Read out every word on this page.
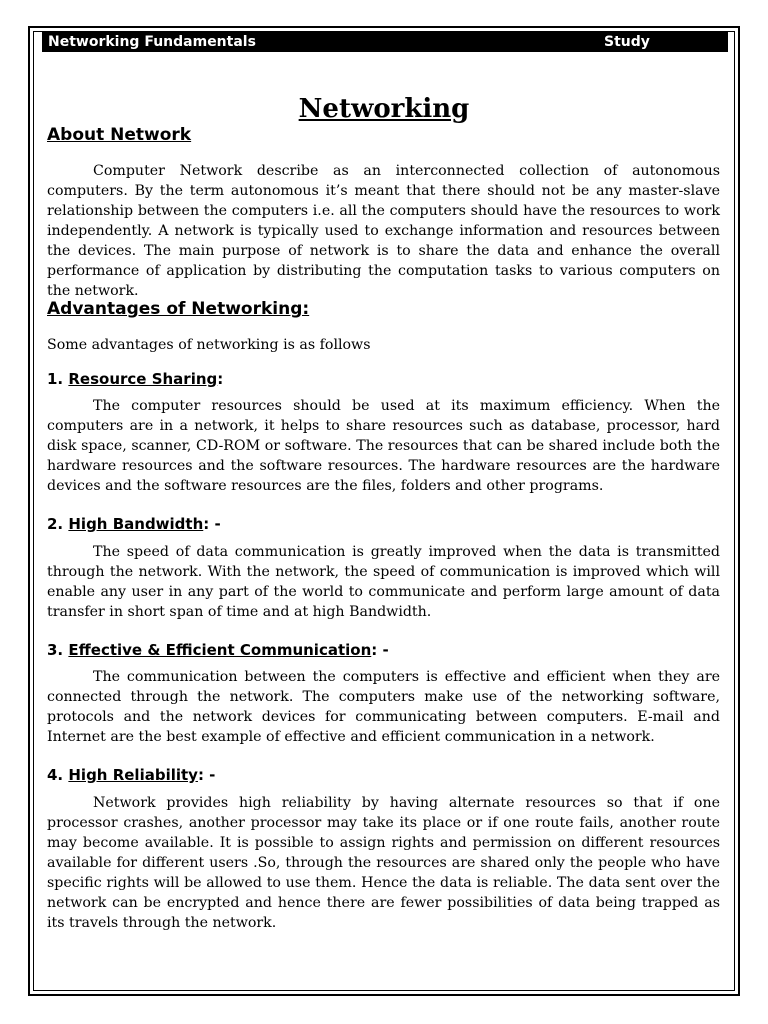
Networking Fundamentals	Study
Networking
About Network

Computer Network describe as an interconnected collection of autonomous computers. By the term autonomous it’s meant that there should not be any master-slave relationship between the computers i.e. all the computers should have the resources to work independently. A network is typically used to exchange information and resources between the devices. The main purpose of network is to share the data and enhance the overall performance of application by distributing the computation tasks to various computers on the network.

Advantages of Networking:

Some advantages of networking is as follows

1. Resource Sharing:

The computer resources should be used at its maximum efficiency. When the computers are in a network, it helps to share resources such as database, processor, hard disk space, scanner, CD-ROM or software. The resources that can be shared include both the hardware resources and the software resources. The hardware resources are the hardware devices and the software resources are the files, folders and other programs.

2. High Bandwidth: -

The speed of data communication is greatly improved when the data is transmitted through the network. With the network, the speed of communication is improved which will enable any user in any part of the world to communicate and perform large amount of data transfer in short span of time and at high Bandwidth.

3. Effective & Efficient Communication: -

The communication between the computers is effective and efficient when they are connected through the network. The computers make use of the networking software, protocols and the network devices for communicating between computers. E-mail and Internet are the best example of effective and efficient communication in a network.

4. High Reliability: -

Network provides high reliability by having alternate resources so that if one processor crashes, another processor may take its place or if one route fails, another route may become available. It is possible to assign rights and permission on different resources available for different users .So, through the resources are shared only the people who have specific rights will be allowed to use them. Hence the data is reliable. The data sent over the network can be encrypted and hence there are fewer possibilities of data being trapped as its travels through the network.
